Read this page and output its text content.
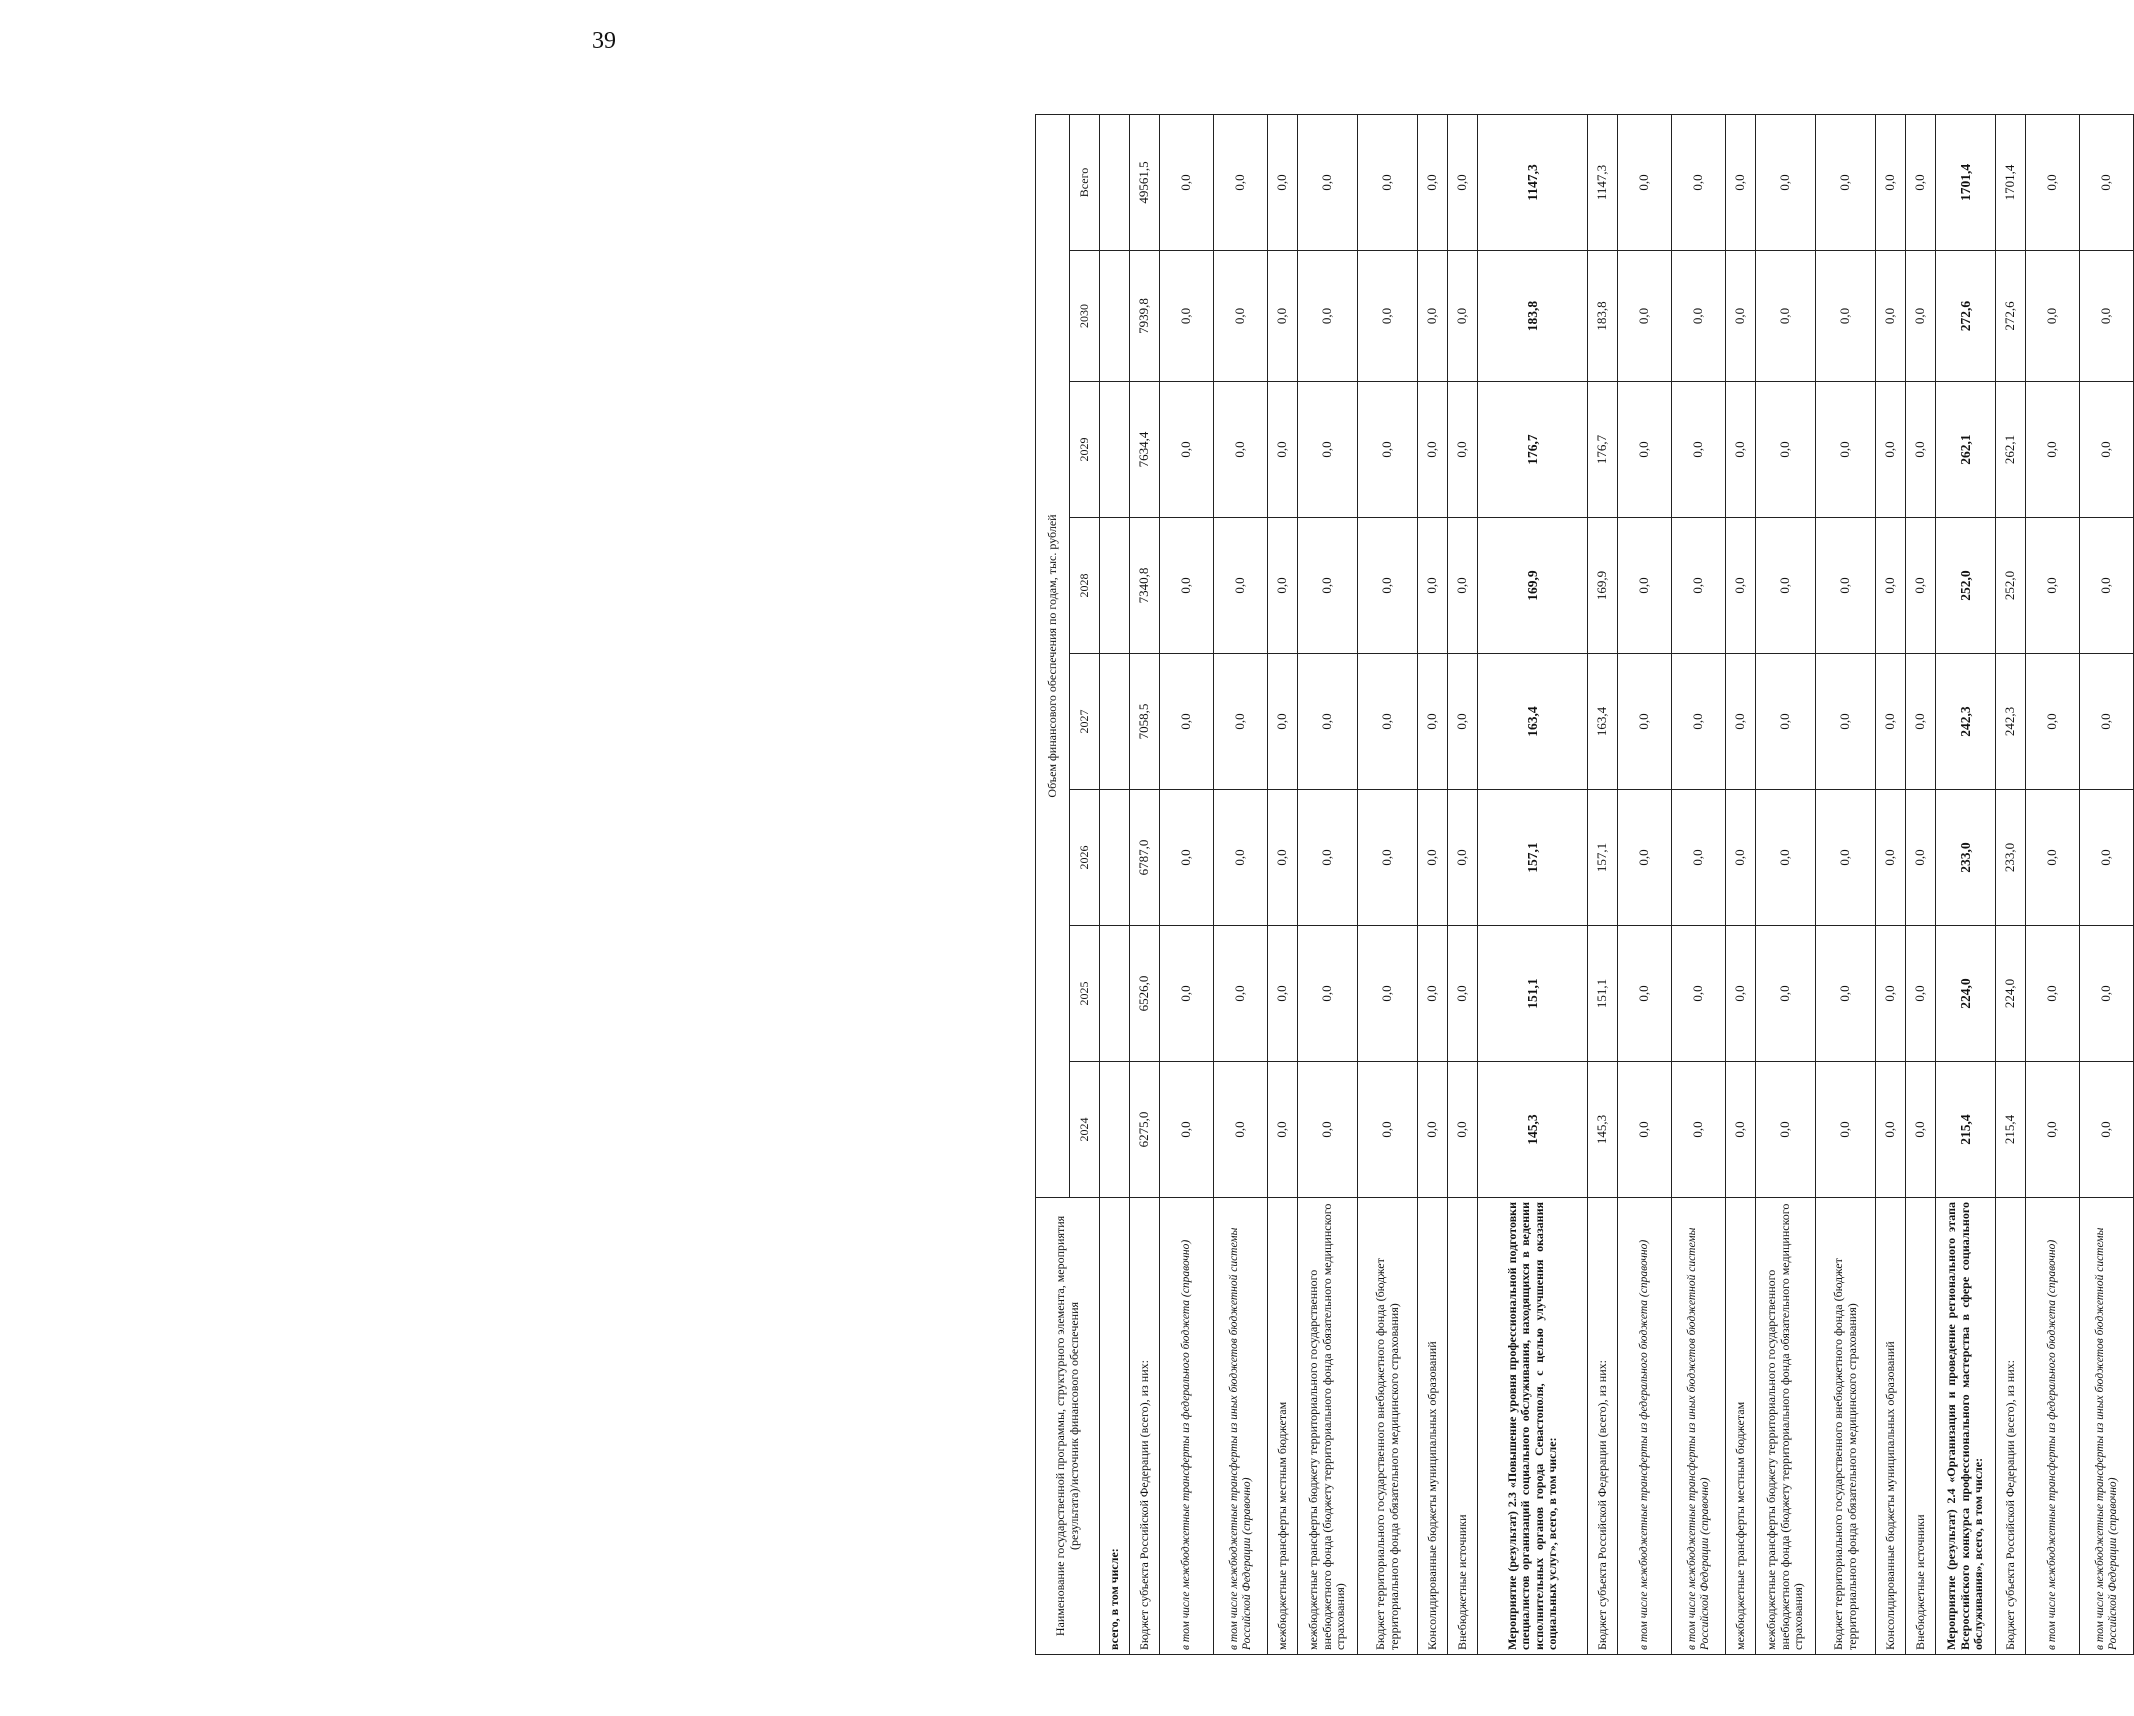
39
Наименование государственной программы, структурного элемента, мероприятия (результата)/источник финансового обеспечения	Объем финансового обеспечения по годам, тыс. рублей							
	2024	2025	2026	2027	2028	2029	2030	Всего
всего, в том числе:								
Бюджет субъекта Российской Федерации (всего), из них:	6275,0	6526,0	6787,0	7058,5	7340,8	7634,4	7939,8	49561,5
в том числе межбюджетные трансферты из федерального бюджета (справочно)	0,0	0,0	0,0	0,0	0,0	0,0	0,0	0,0
в том числе межбюджетные трансферты из иных бюджетов бюджетной системы Российской Федерации (справочно)	0,0	0,0	0,0	0,0	0,0	0,0	0,0	0,0
межбюджетные трансферты местным бюджетам	0,0	0,0	0,0	0,0	0,0	0,0	0,0	0,0
межбюджетные трансферты бюджету территориального государственного внебюджетного фонда (бюджету территориального фонда обязательного медицинского страхования)	0,0	0,0	0,0	0,0	0,0	0,0	0,0	0,0
Бюджет территориального государственного внебюджетного фонда (бюджет территориального фонда обязательного медицинского страхования)	0,0	0,0	0,0	0,0	0,0	0,0	0,0	0,0
Консолидированные бюджеты муниципальных образований	0,0	0,0	0,0	0,0	0,0	0,0	0,0	0,0
Внебюджетные источники	0,0	0,0	0,0	0,0	0,0	0,0	0,0	0,0
Мероприятие (результат) 2.3 «Повышение уровня профессиональной подготовки специалистов организаций социального обслуживания, находящихся в ведении исполнительных органов города Севастополя, с целью улучшения оказания социальных услуг», всего, в том числе:	145,3	151,1	157,1	163,4	169,9	176,7	183,8	1147,3
Бюджет субъекта Российской Федерации (всего), из них:	145,3	151,1	157,1	163,4	169,9	176,7	183,8	1147,3
в том числе межбюджетные трансферты из федерального бюджета (справочно)	0,0	0,0	0,0	0,0	0,0	0,0	0,0	0,0
в том числе межбюджетные трансферты из иных бюджетов бюджетной системы Российской Федерации (справочно)	0,0	0,0	0,0	0,0	0,0	0,0	0,0	0,0
межбюджетные трансферты местным бюджетам	0,0	0,0	0,0	0,0	0,0	0,0	0,0	0,0
межбюджетные трансферты бюджету территориального государственного внебюджетного фонда (бюджету территориального фонда обязательного медицинского страхования)	0,0	0,0	0,0	0,0	0,0	0,0	0,0	0,0
Бюджет территориального государственного внебюджетного фонда (бюджет территориального фонда обязательного медицинского страхования)	0,0	0,0	0,0	0,0	0,0	0,0	0,0	0,0
Консолидированные бюджеты муниципальных образований	0,0	0,0	0,0	0,0	0,0	0,0	0,0	0,0
Внебюджетные источники	0,0	0,0	0,0	0,0	0,0	0,0	0,0	0,0
Мероприятие (результат) 2.4 «Организация и проведение регионального этапа Всероссийского конкурса профессионального мастерства в сфере социального обслуживания», всего, в том числе:	215,4	224,0	233,0	242,3	252,0	262,1	272,6	1701,4
Бюджет субъекта Российской Федерации (всего), из них:	215,4	224,0	233,0	242,3	252,0	262,1	272,6	1701,4
в том числе межбюджетные трансферты из федерального бюджета (справочно)	0,0	0,0	0,0	0,0	0,0	0,0	0,0	0,0
в том числе межбюджетные трансферты из иных бюджетов бюджетной системы Российской Федерации (справочно)	0,0	0,0	0,0	0,0	0,0	0,0	0,0	0,0
